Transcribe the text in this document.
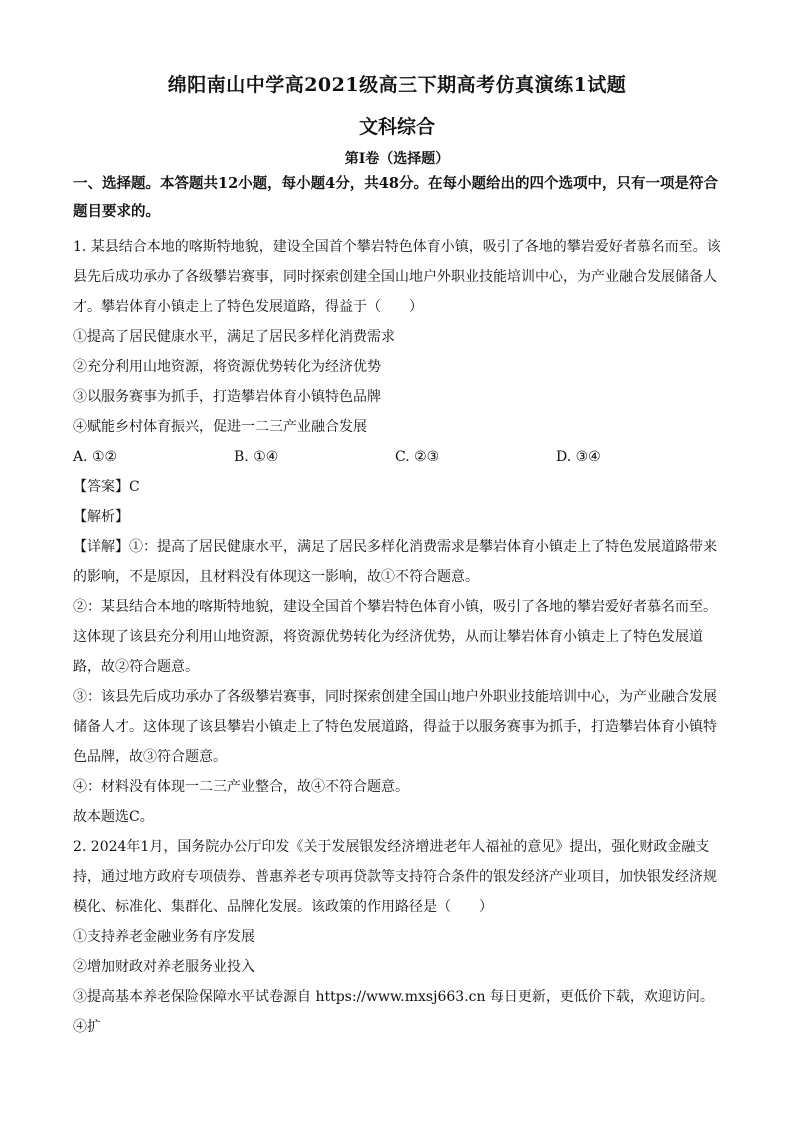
绵阳南山中学高2021级高三下期高考仿真演练1试题
文科综合
第Ⅰ卷（选择题）

一、选择题。本答题共12小题，每小题4分，共48分。在每小题给出的四个选项中，只有一项是符合题目要求的。

1. 某县结合本地的喀斯特地貌，建设全国首个攀岩特色体育小镇，吸引了各地的攀岩爱好者慕名而至。该县先后成功承办了各级攀岩赛事，同时探索创建全国山地户外职业技能培训中心，为产业融合发展储备人才。攀岩体育小镇走上了特色发展道路，得益于（　　）

①提高了居民健康水平，满足了居民多样化消费需求

②充分利用山地资源，将资源优势转化为经济优势

③以服务赛事为抓手，打造攀岩体育小镇特色品牌

④赋能乡村体育振兴，促进一二三产业融合发展

A. ①②	B. ①④	C. ②③	D. ③④

【答案】C

【解析】

【详解】①：提高了居民健康水平，满足了居民多样化消费需求是攀岩体育小镇走上了特色发展道路带来的影响，不是原因，且材料没有体现这一影响，故①不符合题意。

②：某县结合本地的喀斯特地貌，建设全国首个攀岩特色体育小镇，吸引了各地的攀岩爱好者慕名而至。这体现了该县充分利用山地资源，将资源优势转化为经济优势，从而让攀岩体育小镇走上了特色发展道路，故②符合题意。

③：该县先后成功承办了各级攀岩赛事，同时探索创建全国山地户外职业技能培训中心，为产业融合发展储备人才。这体现了该县攀岩小镇走上了特色发展道路，得益于以服务赛事为抓手，打造攀岩体育小镇特色品牌，故③符合题意。

④：材料没有体现一二三产业整合，故④不符合题意。

故本题选C。

2. 2024年1月，国务院办公厅印发《关于发展银发经济增进老年人福祉的意见》提出，强化财政金融支持，通过地方政府专项债券、普惠养老专项再贷款等支持符合条件的银发经济产业项目，加快银发经济规模化、标准化、集群化、品牌化发展。该政策的作用路径是（　　）

①支持养老金融业务有序发展

②增加财政对养老服务业投入

③提高基本养老保险保障水平试卷源自 https://www.mxsj663.cn 每日更新，更低价下载，欢迎访问。④扩
